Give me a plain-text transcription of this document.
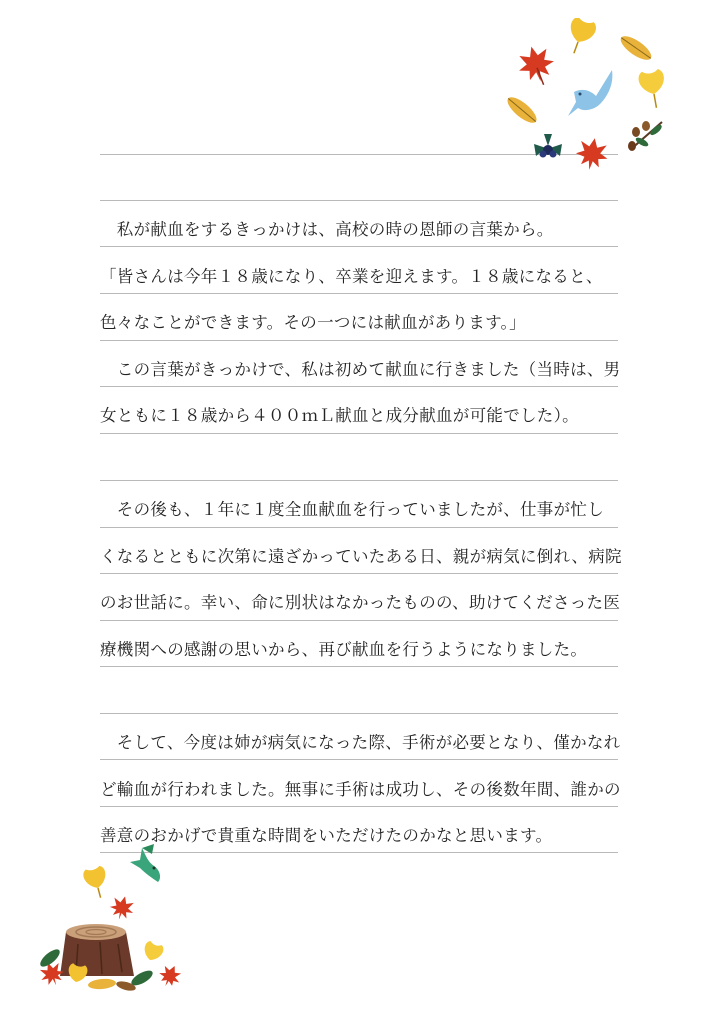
　私が献血をするきっかけは、高校の時の恩師の言葉から。
「皆さんは今年１８歳になり、卒業を迎えます。１８歳になると、
色々なことができます。その一つには献血があります。」
　この言葉がきっかけで、私は初めて献血に行きました（当時は、男
女ともに１８歳から４００ｍＬ献血と成分献血が可能でした）。
　その後も、１年に１度全血献血を行っていましたが、仕事が忙し
くなるとともに次第に遠ざかっていたある日、親が病気に倒れ、病院
のお世話に。幸い、命に別状はなかったものの、助けてくださった医
療機関への感謝の思いから、再び献血を行うようになりました。
　そして、今度は姉が病気になった際、手術が必要となり、僅かなれ
ど輸血が行われました。無事に手術は成功し、その後数年間、誰かの
善意のおかげで貴重な時間をいただけたのかなと思います。
